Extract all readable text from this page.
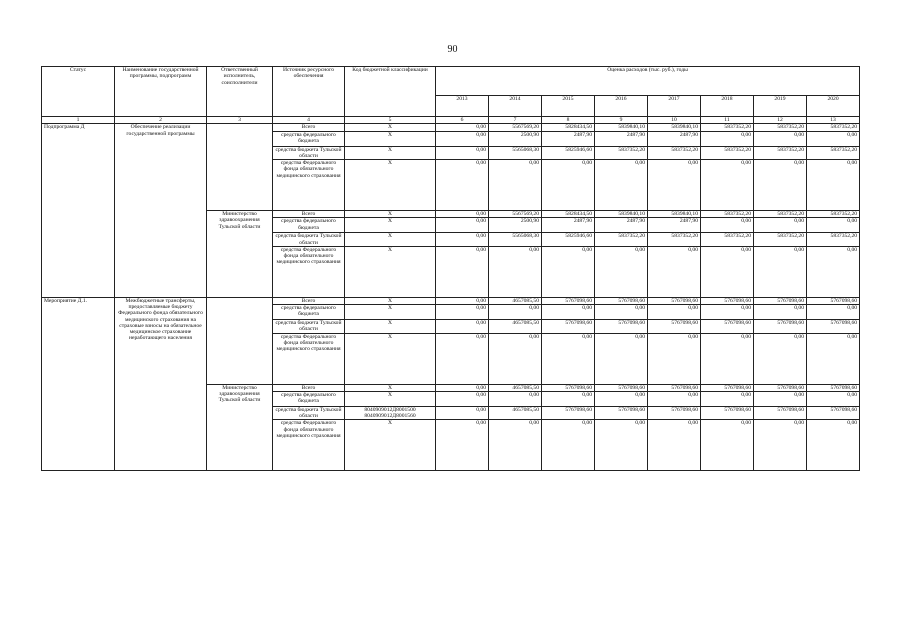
90
Статус	Наименование государственной программы, подпрограмм	Ответственный исполнитель, соисполнители	Источник ресурсного обеспечения	Код бюджетной классификации	Оценка расходов (тыс. руб.), годы							
					2013	2014	2015	2016	2017	2018	2019	2020
1	2	3	4	5	6	7	8	9	10	11	12	13
Подпрограмма Д	Обеспечение реализации государственной программы		Всего	X	0,00	5567569,20	5828434,50	5839840,10	5839840,10	5837352,20	5837352,20	5837352,20
			средства федерального бюджета	X	0,00	2500,90	2487,90	2487,90	2487,90	0,00	0,00	0,00
			средства бюджета Тульской области	X	0,00	5565068,30	5825946,60	5837352,20	5837352,20	5837352,20	5837352,20	5837352,20
			средства Федерального фонда обязательного медицинского страхования	X	0,00	0,00	0,00	0,00	0,00	0,00	0,00	0,00
		Министерство здравоохранения Тульской области	Всего	X	0,00	5567569,20	5828434,50	5839840,10	5839840,10	5837352,20	5837352,20	5837352,20
			средства федерального бюджета	X	0,00	2500,90	2487,90	2487,90	2487,90	0,00	0,00	0,00
			средства бюджета Тульской области	X	0,00	5565068,30	5825946,60	5837352,20	5837352,20	5837352,20	5837352,20	5837352,20
			средства Федерального фонда обязательного медицинского страхования	X	0,00	0,00	0,00	0,00	0,00	0,00	0,00	0,00
Мероприятие Д.1.	Межбюджетные трансферты, предоставляемые бюджету Федерального фонда обязательного медицинского страхования на страховые взносы на обязательное медицинское страхование неработающего населения		Всего	X	0,00	4657085,50	5767098,60	5767098,60	5767098,60	5767098,60	5767098,60	5767098,60
			средства федерального бюджета	X	0,00	0,00	0,00	0,00	0,00	0,00	0,00	0,00
			средства бюджета Тульской области	X	0,00	4657085,50	5767098,60	5767098,60	5767098,60	5767098,60	5767098,60	5767098,60
			средства Федерального фонда обязательного медицинского страхования	X	0,00	0,00	0,00	0,00	0,00	0,00	0,00	0,00
		Министерство здравоохранения Тульской области	Всего	X	0,00	4657085,50	5767098,60	5767098,60	5767098,60	5767098,60	5767098,60	5767098,60
			средства федерального бюджета	X	0,00	0,00	0,00	0,00	0,00	0,00	0,00	0,00
			средства бюджета Тульской области	8040909012Д8001500 8040909012Д8001560	0,00	4657085,50	5767098,60	5767098,60	5767098,60	5767098,60	5767098,60	5767098,60
			средства Федерального фонда обязательного медицинского страхования	X	0,00	0,00	0,00	0,00	0,00	0,00	0,00	0,00
